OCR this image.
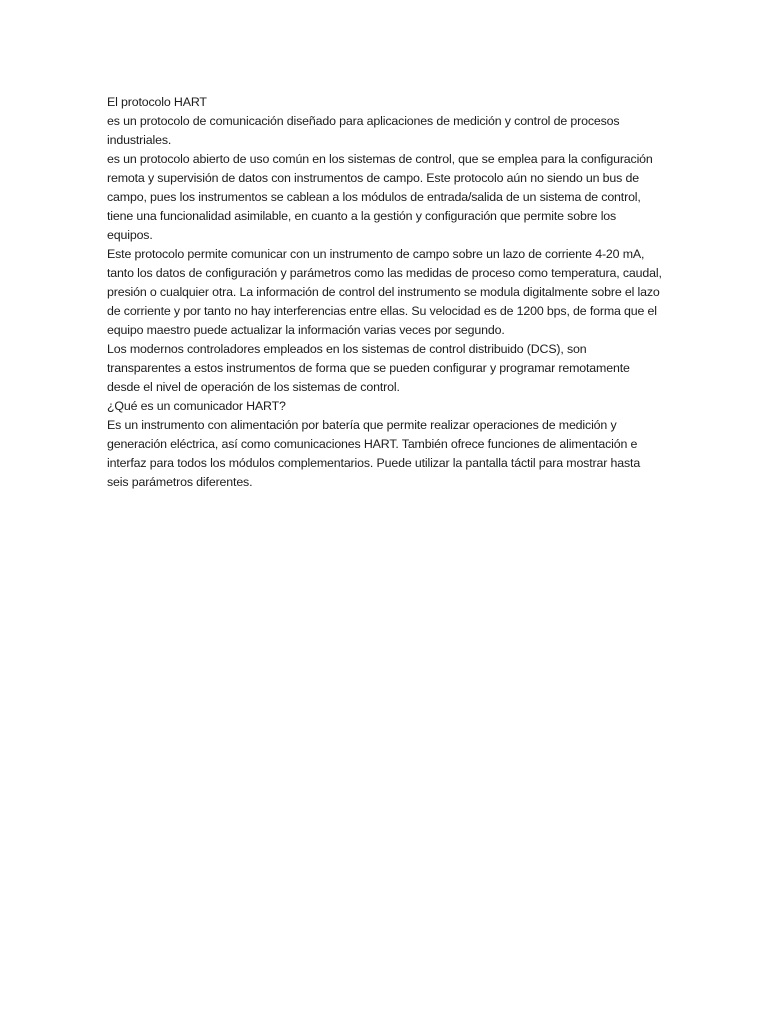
El protocolo HART

es un protocolo de comunicación diseñado para aplicaciones de medición y control de procesos industriales.

es un protocolo abierto de uso común en los sistemas de control, que se emplea para la configuración remota y supervisión de datos con instrumentos de campo. Este protocolo aún no siendo un bus de campo, pues los instrumentos se cablean a los módulos de entrada/salida de un sistema de control, tiene una funcionalidad asimilable, en cuanto a la gestión y configuración que permite sobre los equipos.

Este protocolo permite comunicar con un instrumento de campo sobre un lazo de corriente 4-20 mA, tanto los datos de configuración y parámetros como las medidas de proceso como temperatura, caudal, presión o cualquier otra. La información de control del instrumento se modula digitalmente sobre el lazo de corriente y por tanto no hay interferencias entre ellas. Su velocidad es de 1200 bps, de forma que el equipo maestro puede actualizar la información varias veces por segundo.

Los modernos controladores empleados en los sistemas de control distribuido (DCS), son transparentes a estos instrumentos de forma que se pueden configurar y programar remotamente desde el nivel de operación de los sistemas de control.

¿Qué es un comunicador HART?

Es un instrumento con alimentación por batería que permite realizar operaciones de medición y generación eléctrica, así como comunicaciones HART. También ofrece funciones de alimentación e interfaz para todos los módulos complementarios. Puede utilizar la pantalla táctil para mostrar hasta seis parámetros diferentes.
